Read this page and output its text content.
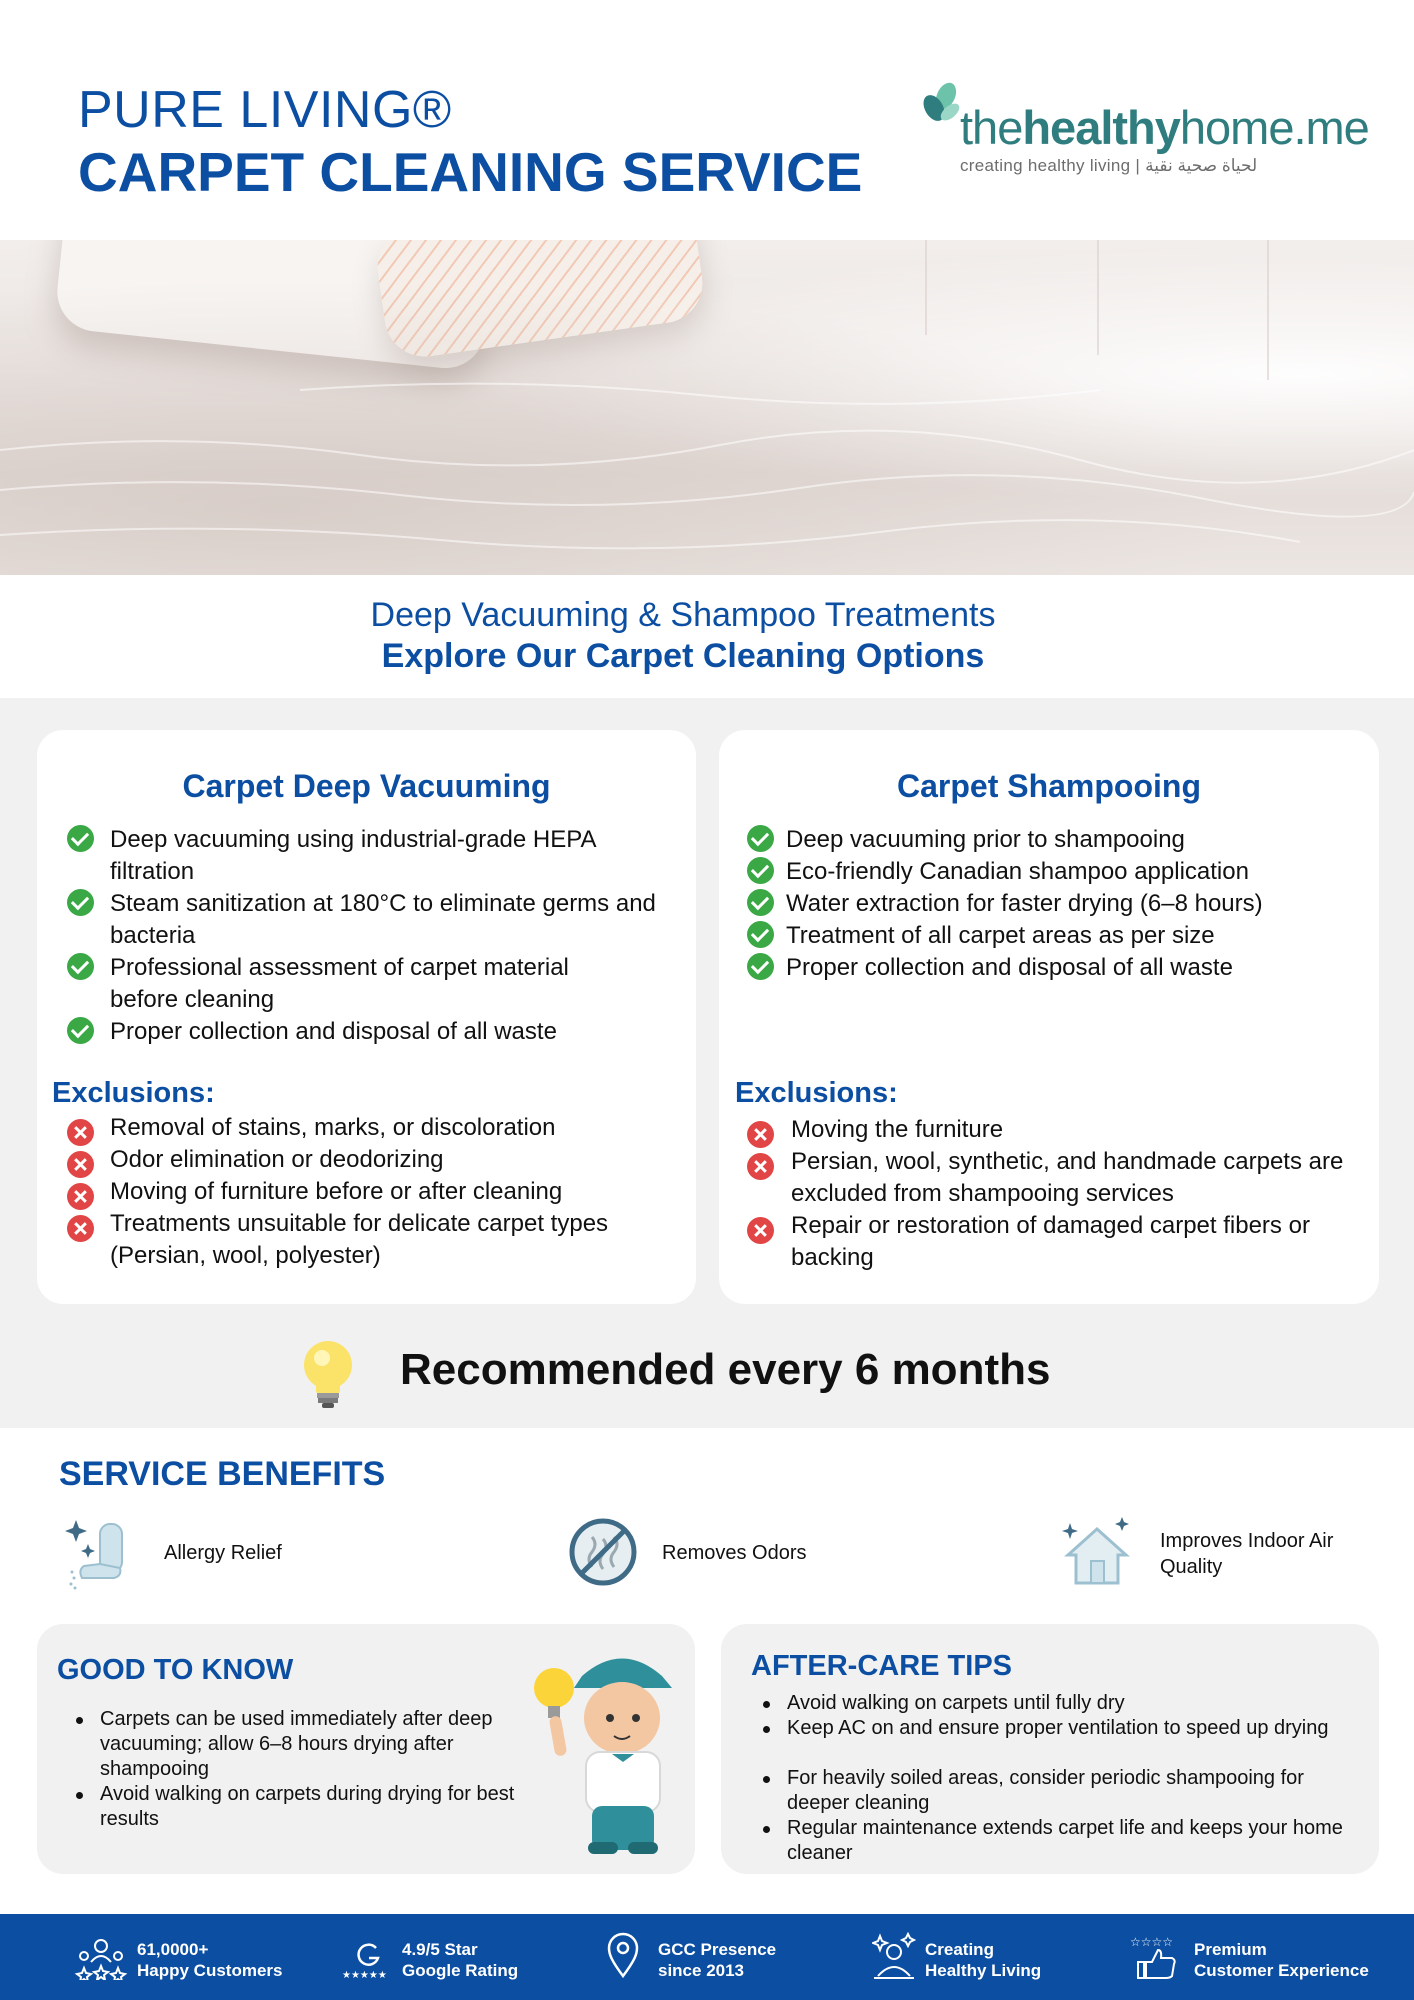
PURE LIVING®
CARPET CLEANING SERVICE
thehealthyhome.me
creating healthy living | لحياة صحية نقية
Deep Vacuuming & Shampoo Treatments
Explore Our Carpet Cleaning Options
Carpet Deep Vacuuming
Deep vacuuming using industrial-grade HEPA filtration
Steam sanitization at 180°C to eliminate germs and bacteria
Professional assessment of carpet material before cleaning
Proper collection and disposal of all waste
Exclusions:
Removal of stains, marks, or discoloration
Odor elimination or deodorizing
Moving of furniture before or after cleaning
Treatments unsuitable for delicate carpet types (Persian, wool, polyester)
Carpet Shampooing
Deep vacuuming prior to shampooing
Eco-friendly Canadian shampoo application
Water extraction for faster drying (6–8 hours)
Treatment of all carpet areas as per size
Proper collection and disposal of all waste
Exclusions:
Moving the furniture
Persian, wool, synthetic, and handmade carpets are excluded from shampooing services
Repair or restoration of damaged carpet fibers or backing
Recommended every 6 months
SERVICE BENEFITS
Allergy Relief	Removes Odors
Improves Indoor Air Quality
GOOD TO KNOW
Carpets can be used immediately after deep vacuuming; allow 6–8 hours drying after shampooing
Avoid walking on carpets during drying for best results
AFTER-CARE TIPS
Avoid walking on carpets until fully dry
Keep AC on and ensure proper ventilation to speed up drying
For heavily soiled areas, consider periodic shampooing for deeper cleaning
Regular maintenance extends carpet life and keeps your home cleaner
61,0000+
Happy Customers	★★★★★
4.9/5 Star
Google Rating
GCC Presence
since 2013
Creating
Healthy Living
☆☆☆☆ Premium
Customer Experience
